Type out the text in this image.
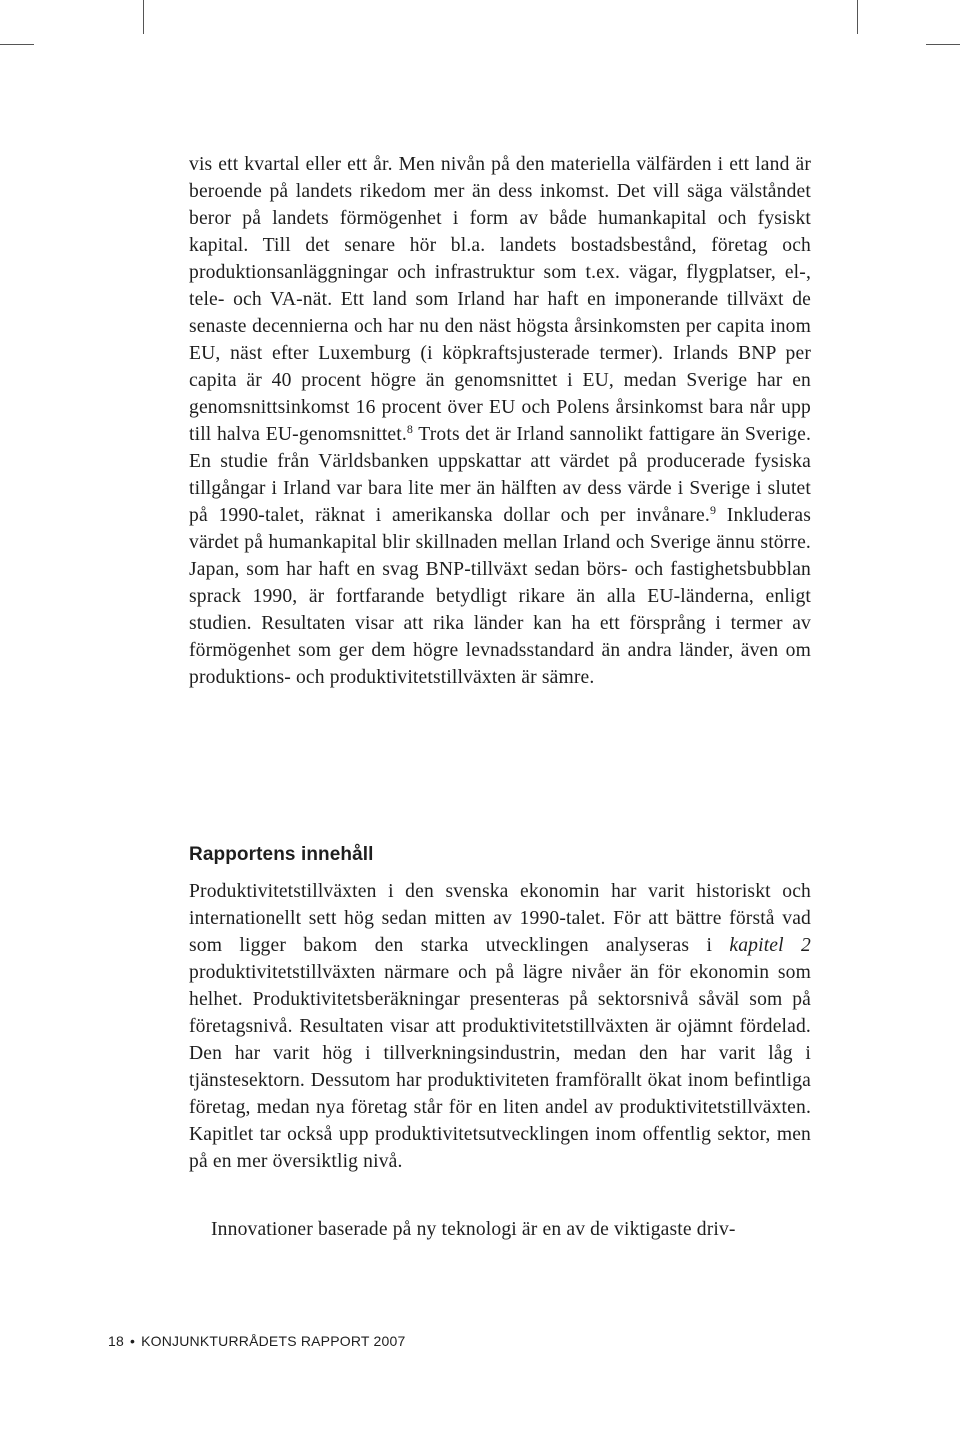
vis ett kvartal eller ett år. Men nivån på den materiella välfärden i ett land är beroende på landets rikedom mer än dess inkomst. Det vill säga välståndet beror på landets förmögenhet i form av både humankapital och fysiskt kapital. Till det senare hör bl.a. landets bostadsbestånd, företag och produktionsanläggningar och infrastruktur som t.ex. vägar, flygplatser, el-, tele- och VA-nät. Ett land som Irland har haft en imponerande tillväxt de senaste decennierna och har nu den näst högsta årsinkomsten per capita inom EU, näst efter Luxemburg (i köpkraftsjusterade termer). Irlands BNP per capita är 40 procent högre än genomsnittet i EU, medan Sverige har en genomsnittsinkomst 16 procent över EU och Polens årsinkomst bara når upp till halva EU-genomsnittet.$^8$ Trots det är Irland sannolikt fattigare än Sverige. En studie från Världsbanken uppskattar att värdet på producerade fysiska tillgångar i Irland var bara lite mer än hälften av dess värde i Sverige i slutet på 1990-talet, räknat i amerikanska dollar och per invånare.$^9$ Inkluderas värdet på humankapital blir skillnaden mellan Irland och Sverige ännu större. Japan, som har haft en svag BNP-tillväxt sedan börs- och fastighetsbubblan sprack 1990, är fortfarande betydligt rikare än alla EU-länderna, enligt studien. Resultaten visar att rika länder kan ha ett försprång i termer av förmögenhet som ger dem högre levnadsstandard än andra länder, även om produktions- och produktivitetstillväxten är sämre.

Rapportens innehåll

Produktivitetstillväxten i den svenska ekonomin har varit historiskt och internationellt sett hög sedan mitten av 1990-talet. För att bättre förstå vad som ligger bakom den starka utvecklingen analyseras i kapitel 2 produktivitetstillväxten närmare och på lägre nivåer än för ekonomin som helhet. Produktivitetsberäkningar presenteras på sektorsnivå såväl som på företagsnivå. Resultaten visar att produktivitetstillväxten är ojämnt fördelad. Den har varit hög i tillverkningsindustrin, medan den har varit låg i tjänstesektorn. Dessutom har produktiviteten framförallt ökat inom befintliga företag, medan nya företag står för en liten andel av produktivitetstillväxten. Kapitlet tar också upp produktivitetsutvecklingen inom offentlig sektor, men på en mer översiktlig nivå.

Innovationer baserade på ny teknologi är en av de viktigaste driv-

18 • KONJUNKTURRÅDETS RAPPORT 2007
